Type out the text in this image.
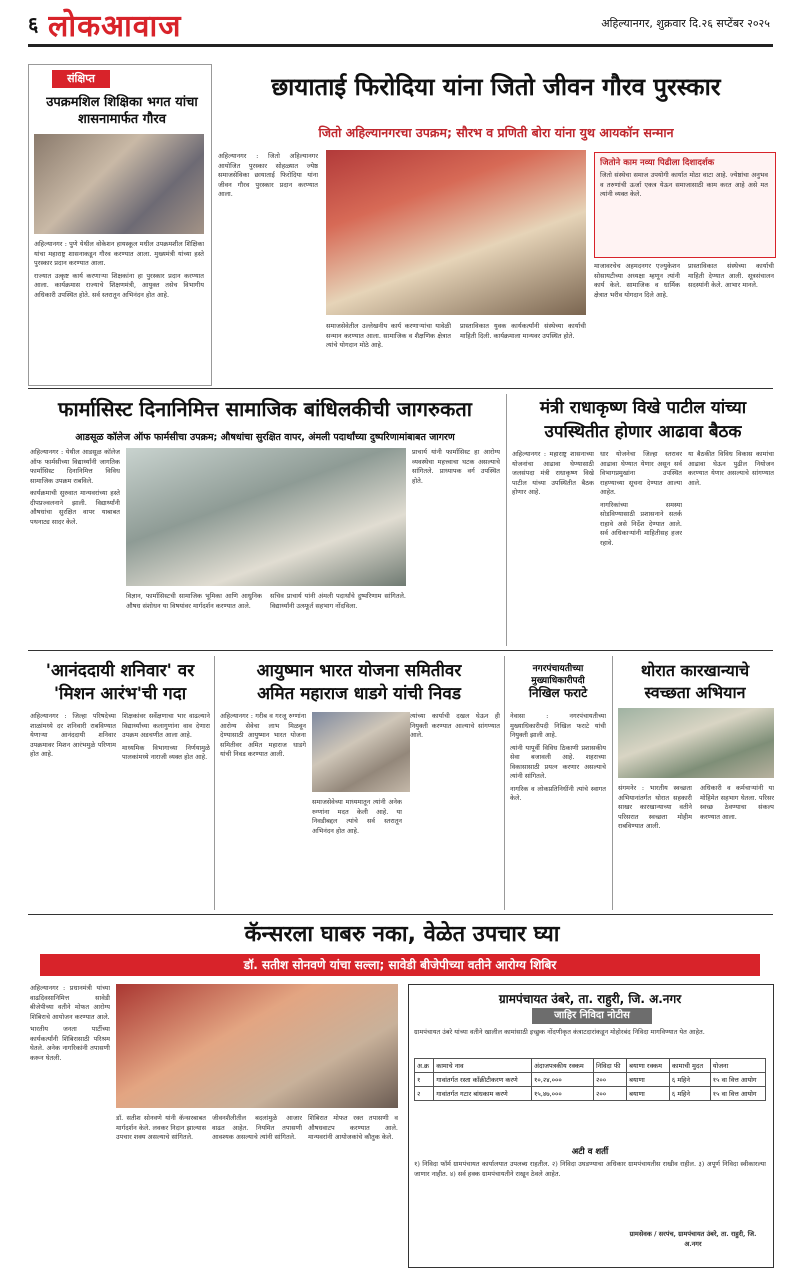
६ लोकआवाज	अहिल्यानगर, शुक्रवार दि.२६ सप्टेंबर २०२५
संक्षिप्त
उपक्रमशिल शिक्षिका भगत यांचा शासनामार्फत गौरव

अहिल्यानगर : पुणे येथील वोकेशन हायस्कूल मधील उपक्रमशील शिक्षिका यांचा महाराष्ट्र शासनाकडून गौरव करण्यात आला. मुख्यमंत्री यांच्या हस्ते पुरस्कार प्रदान करण्यात आला.

राज्यात उत्कृष्ट कार्य करणाऱ्या शिक्षकांना हा पुरस्कार प्रदान करण्यात आला. कार्यक्रमास राज्याचे शिक्षणमंत्री, आयुक्त तसेच विभागीय अधिकारी उपस्थित होते. सर्व स्तरातून अभिनंदन होत आहे.

छायाताई फिरोदिया यांना जितो जीवन गौरव पुरस्कार
जितो अहिल्यानगरचा उपक्रम; सौरभ व प्रणिती बोरा यांना युथ आयकॉन सन्मान

अहिल्यानगर : जितो अहिल्यानगर आयोजित पुरस्कार सोहळ्यात ज्येष्ठ समाजसेविका छायाताई फिरोदिया यांना जीवन गौरव पुरस्कार प्रदान करण्यात आला.

समाजसेवेतील उल्लेखनीय कार्य करणाऱ्यांचा यावेळी सन्मान करण्यात आला. सामाजिक व शैक्षणिक क्षेत्रात त्यांचे योगदान मोठे आहे.

प्रास्ताविकात युवक कार्यकर्त्यांनी संस्थेच्या कार्याची माहिती दिली. कार्यक्रमाला मान्यवर उपस्थित होते.

जितोने काम नव्या पिढीला दिशादर्शक

जितो संस्थेचा समाज उपयोगी कार्यात मोठा वाटा आहे. ज्येष्ठांचा अनुभव व तरुणांची ऊर्जा एकत्र येऊन समाजासाठी काम करत आहे असे मत त्यांनी व्यक्त केले.

माजावरचेच अहमदनगर एज्युकेशन सोसायटीच्या अध्यक्षा म्हणून त्यांनी कार्य केले. सामाजिक व धार्मिक क्षेत्रात भरीव योगदान दिले आहे.

प्रास्ताविकात संस्थेच्या कार्याची माहिती देण्यात आली. सूत्रसंचालन सदस्यांनी केले. आभार मानले.

फार्मासिस्ट दिनानिमित्त सामाजिक बांधिलकीची जागरुकता
आडसूळ कॉलेज ऑफ फार्मसीचा उपक्रम; औषधांचा सुरक्षित वापर, अंमली पदार्थांच्या दुष्परिणामांबाबत जागरण

अहिल्यानगर : येथील आडसूळ कॉलेज ऑफ फार्मसीच्या विद्यार्थ्यांनी जागतिक फार्मासिस्ट दिनानिमित्त विविध सामाजिक उपक्रम राबविले.

कार्यक्रमाची सुरुवात मान्यवरांच्या हस्ते दीपप्रज्वलनाने झाली. विद्यार्थ्यांनी औषधांचा सुरक्षित वापर याबाबत पथनाट्य सादर केले.

विज्ञान, फार्मासिस्टची सामाजिक भूमिका आणि आधुनिक औषध संशोधन या विषयांवर मार्गदर्शन करण्यात आले.

सचिव प्राचार्य यांनी अंमली पदार्थांचे दुष्परिणाम सांगितले. विद्यार्थ्यांनी उत्स्फूर्त सहभाग नोंदविला.

प्राचार्य यांनी फार्मासिस्ट हा आरोग्य व्यवस्थेचा महत्त्वाचा घटक असल्याचे सांगितले. प्राध्यापक वर्ग उपस्थित होते.

मंत्री राधाकृष्ण विखे पाटील यांच्या उपस्थितीत होणार आढावा बैठक

अहिल्यानगर : महाराष्ट्र शासनाच्या योजनांचा आढावा घेण्यासाठी जलसंपदा मंत्री राधाकृष्ण विखे पाटील यांच्या उपस्थितीत बैठक होणार आहे.

धार योजनेचा जिल्हा स्तरावर आढावा घेण्यात येणार असून सर्व विभागप्रमुखांना उपस्थित राहण्याच्या सूचना देण्यात आल्या आहेत.

नागरिकांच्या समस्या सोडविण्यासाठी प्रशासनाने सतर्क राहावे असे निर्देश देण्यात आले. सर्व अधिकाऱ्यांनी माहितीसह हजर रहावे.

या बैठकीत विविध विकास कामांचा आढावा घेऊन पुढील नियोजन करण्यात येणार असल्याचे सांगण्यात आले.

'आनंददायी शनिवार' वर
'मिशन आरंभ'ची गदा

अहिल्यानगर : जिल्हा परिषदेच्या शाळांमध्ये दर शनिवारी राबविण्यात येणाऱ्या आनंददायी शनिवार उपक्रमावर मिशन आरंभमुळे परिणाम होत आहे.

शिक्षकांवर सर्वेक्षणाचा भार वाढल्याने विद्यार्थ्यांच्या कलागुणांना वाव देणारा उपक्रम अडचणीत आला आहे.

माध्यमिक विभागाच्या निर्णयामुळे पालकांमध्ये नाराजी व्यक्त होत आहे.

आयुष्मान भारत योजना समितीवर
अमित महाराज धाडगे यांची निवड

अहिल्यानगर : गरीब व गरजू रुग्णांना आरोग्य सेवेचा लाभ मिळवून देण्यासाठी आयुष्मान भारत योजना समितीवर अमित महाराज धाडगे यांची निवड करण्यात आली.

समाजसेवेच्या माध्यमातून त्यांनी अनेक रुग्णांना मदत केली आहे. या निवडीबद्दल त्यांचे सर्व स्तरातून अभिनंदन होत आहे.

त्यांच्या कार्याची दखल घेऊन ही नियुक्ती करण्यात आल्याचे सांगण्यात आले.

नगरपंचायतीच्या
मुख्याधिकारीपदी
निखिल फराटे

नेवासा : नगरपंचायतीच्या मुख्याधिकारीपदी निखिल फराटे यांची नियुक्ती झाली आहे.

त्यांनी यापूर्वी विविध ठिकाणी प्रशासकीय सेवा बजावली आहे. शहराच्या विकासासाठी प्रयत्न करणार असल्याचे त्यांनी सांगितले.

नागरिक व लोकप्रतिनिधींनी त्यांचे स्वागत केले.

थोरात कारखान्याचे
स्वच्छता अभियान

संगमनेर : भारतीय स्वच्छता अभियानांतर्गत थोरात सहकारी साखर कारखान्याच्या वतीने परिसरात स्वच्छता मोहीम राबविण्यात आली.

अधिकारी व कर्मचाऱ्यांनी या मोहिमेत सहभाग घेतला. परिसर स्वच्छ ठेवण्याचा संकल्प करण्यात आला.

कॅन्सरला घाबरु नका, वेळेत उपचार घ्या
डॉ. सतीश सोनवणे यांचा सल्ला; सावेडी बीजेपीच्या वतीने आरोग्य शिबिर

अहिल्यानगर : प्रधानमंत्री यांच्या वाढदिवसानिमित्त सावेडी बीजेपीच्या वतीने मोफत आरोग्य शिबिराचे आयोजन करण्यात आले.

भारतीय जनता पार्टीच्या कार्यकर्त्यांनी शिबिरासाठी परिश्रम घेतले. अनेक नागरिकांनी तपासणी करून घेतली.

डॉ. सतीश सोनवणे यांनी कॅन्सरबाबत मार्गदर्शन केले. लवकर निदान झाल्यास उपचार शक्य असल्याचे सांगितले.

जीवनशैलीतील बदलांमुळे आजार वाढत आहेत. नियमित तपासणी आवश्यक असल्याचे त्यांनी सांगितले.

शिबिरात मोफत रक्त तपासणी व औषधवाटप करण्यात आले. मान्यवरांनी आयोजकांचे कौतुक केले.

ग्रामपंचायत उंबरे, ता. राहुरी, जि. अ.नगर
जाहिर निविदा नोटीस

ग्रामपंचायत उंबरे यांच्या वतीने खालील कामांसाठी इच्छुक नोंदणीकृत कंत्राटदारांकडून मोहोरबंद निविदा मागविण्यात येत आहेत.

अ.क्र	कामाचे नाव	अंदाजपत्रकीय रक्कम	निविदा फी	बयाणा रक्कम	कामाची मुदत	योजना
१	गावांतर्गत रस्ता काँक्रीटीकरण करणे	१०,२४,०००	२००	बयाणा	६ महिने	१५ वा वित्त आयोग
२	गावांतर्गत गटार बांधकाम करणे	१५,४७,०००	२००	बयाणा	६ महिने	१५ वा वित्त आयोग
अटी व शर्ती

१) निविदा फॉर्म ग्रामपंचायत कार्यालयात उपलब्ध राहतील. २) निविदा उघडण्याचा अधिकार ग्रामपंचायतीस राखीव राहील. ३) अपूर्ण निविदा स्वीकारल्या जाणार नाहीत. ४) सर्व हक्क ग्रामपंचायतीने राखून ठेवले आहेत.

ग्रामसेवक / सरपंच, ग्रामपंचायत उंबरे, ता. राहुरी, जि. अ.नगर
